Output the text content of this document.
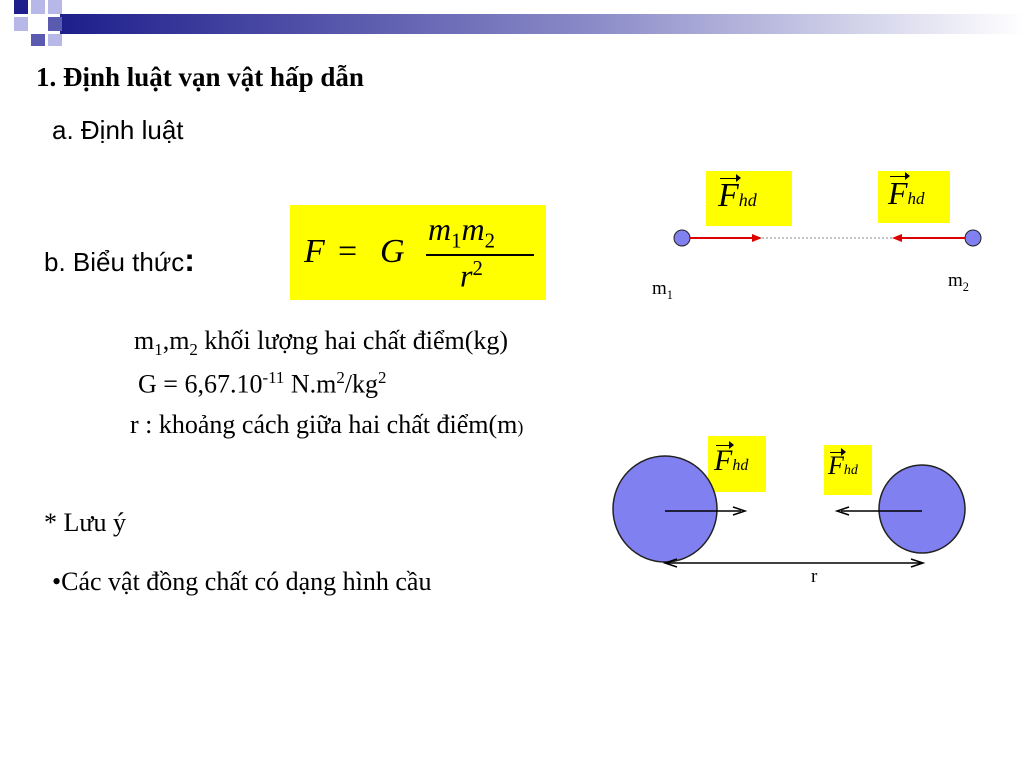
1. Định luật vạn vật hấp dẫn
a. Định luật
b. Biểu thức:	F = G
$m_1m_2$
$r^2$
$m_1,m_2$ khối lượng hai chất điểm(kg)
$G = 6,67.10^{-11}$ $N.m^2/kg^2$
r : khoảng cách giữa hai chất điểm(m)
* Lưu ý
•Các vật đồng chất có dạng hình cầu
Fhd	Fhd
$m_1$
$m_2$
Fhd	Fhd
r
